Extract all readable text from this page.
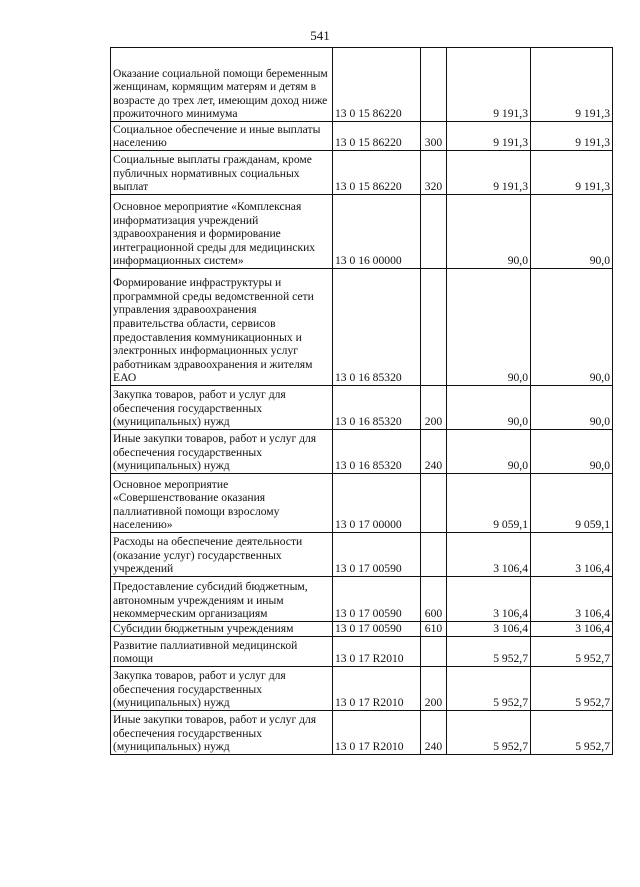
541
Оказание социальной помощи беременным женщинам, кормящим матерям и детям в возрасте до трех лет, имеющим доход ниже прожиточного минимума	13 0 15 86220		9 191,3	9 191,3
Социальное обеспечение и иные выплаты населению	13 0 15 86220	300	9 191,3	9 191,3
Социальные выплаты гражданам, кроме публичных нормативных социальных выплат	13 0 15 86220	320	9 191,3	9 191,3
Основное мероприятие «Комплексная информатизация учреждений здравоохранения и формирование интеграционной среды для медицинских информационных систем»	13 0 16 00000		90,0	90,0
Формирование инфраструктуры и программной среды ведомственной сети управления здравоохранения правительства области, сервисов предоставления коммуникационных и электронных информационных услуг работникам здравоохранения и жителям ЕАО	13 0 16 85320		90,0	90,0
Закупка товаров, работ и услуг для обеспечения государственных (муниципальных) нужд	13 0 16 85320	200	90,0	90,0
Иные закупки товаров, работ и услуг для обеспечения государственных (муниципальных) нужд	13 0 16 85320	240	90,0	90,0
Основное мероприятие «Совершенствование оказания паллиативной помощи взрослому населению»	13 0 17 00000		9 059,1	9 059,1
Расходы на обеспечение деятельности (оказание услуг) государственных учреждений	13 0 17 00590		3 106,4	3 106,4
Предоставление субсидий бюджетным, автономным учреждениям и иным некоммерческим организациям	13 0 17 00590	600	3 106,4	3 106,4
Субсидии бюджетным учреждениям	13 0 17 00590	610	3 106,4	3 106,4
Развитие паллиативной медицинской помощи	13 0 17 R2010		5 952,7	5 952,7
Закупка товаров, работ и услуг для обеспечения государственных (муниципальных) нужд	13 0 17 R2010	200	5 952,7	5 952,7
Иные закупки товаров, работ и услуг для обеспечения государственных (муниципальных) нужд	13 0 17 R2010	240	5 952,7	5 952,7
